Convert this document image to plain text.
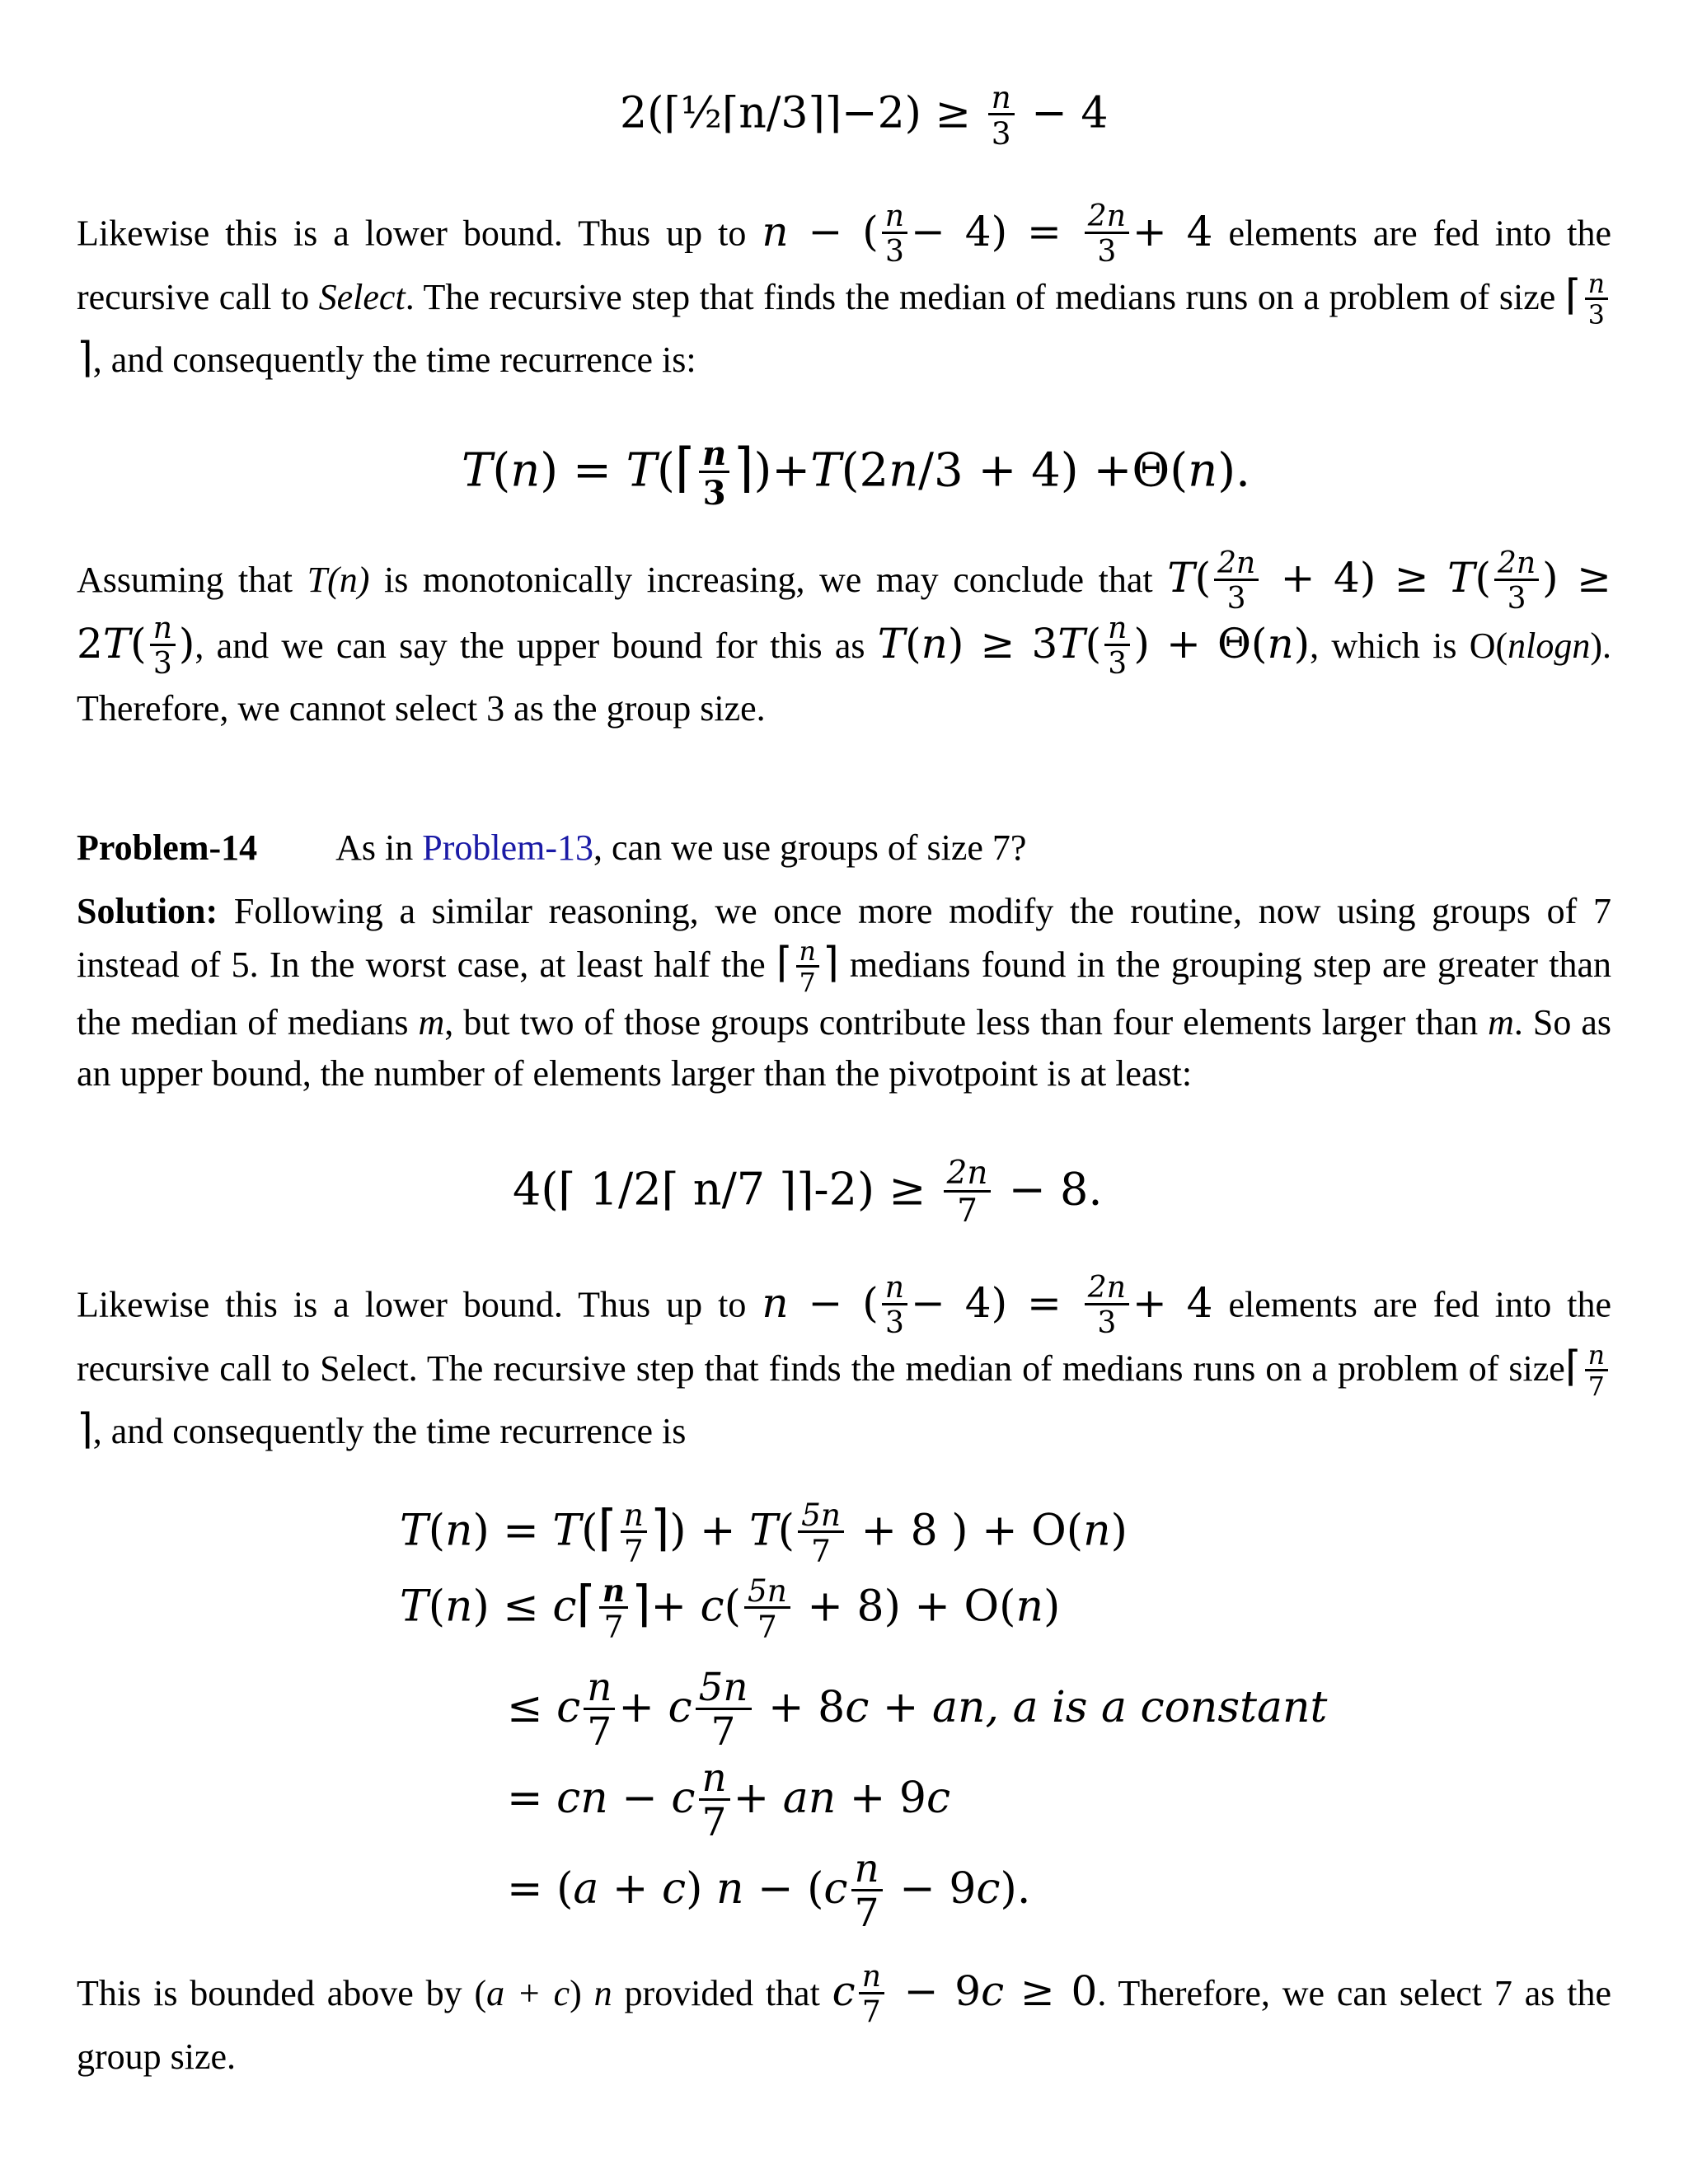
2(⌈½⌈n/3⌉⌉−2) ≥ $\frac{n}{3} - 4$
Likewise this is a lower bound. Thus up to n − ( $\frac{n}{3} - 4) = \frac{2n}{3} + 4$ elements are fed into the recursive call to Select. The recursive step that finds the median of medians runs on a problem of size ⌈ $\frac{n}{3}$
⌉, and consequently the time recurrence is:
T(n) = T(⌈ $\frac{n}{3}$ ⌉)+T(2n/3 + 4) +Θ(n).
Assuming that T(n) is monotonically increasing, we may conclude that $T( \frac{2n}{3} + 4) \ge T( \frac{2n}{3}$ ) ≥ $2T( \frac{n}{3}$ ), and we can say the upper bound for this as $T(n) \ge 3T( \frac{n}{3}$ ) + Θ(n), which is O(nlogn). Therefore, we cannot select 3 as the group size.
Problem-14 As in Problem-13, can we use groups of size 7?
Solution: Following a similar reasoning, we once more modify the routine, now using groups of 7 instead of 5. In the worst case, at least half the ⌈ $\frac{n}{7}$ ⌉ medians found in the grouping step are greater than the median of medians m, but two of those groups contribute less than four elements larger than m. So as an upper bound, the number of elements larger than the pivotpoint is at least:
4(⌈ 1/2⌈ n/7 ⌉⌉-2) ≥ $\frac{2n}{7} - 8$.
Likewise this is a lower bound. Thus up to n − ( $\frac{n}{3} - 4) = \frac{2n}{3} + 4$ elements are fed into the recursive call to Select. The recursive step that finds the median of medians runs on a problem of size⌈ $\frac{n}{7}$
⌉, and consequently the time recurrence is
T(n) = T(⌈ $\frac{n}{7}$ ⌉) + $T( \frac{5n}{7} + 8$ ) + O(n)
T(n) ≤ c⌈ $\frac{n}{7}$ ⌉+ $c( \frac{5n}{7} + 8) + O(n)$
≤ c $\frac{n}{7} + c \frac{5n}{7} + 8c$ + an, a is a constant
= cn − c $\frac{n}{7}$ + an + 9c
= (a + c) $n - (c \frac{n}{7} - 9c)$.
This is bounded above by (a + c) n provided that c $\frac{n}{7} - 9c \ge 0$. Therefore, we can select 7 as the group size.
